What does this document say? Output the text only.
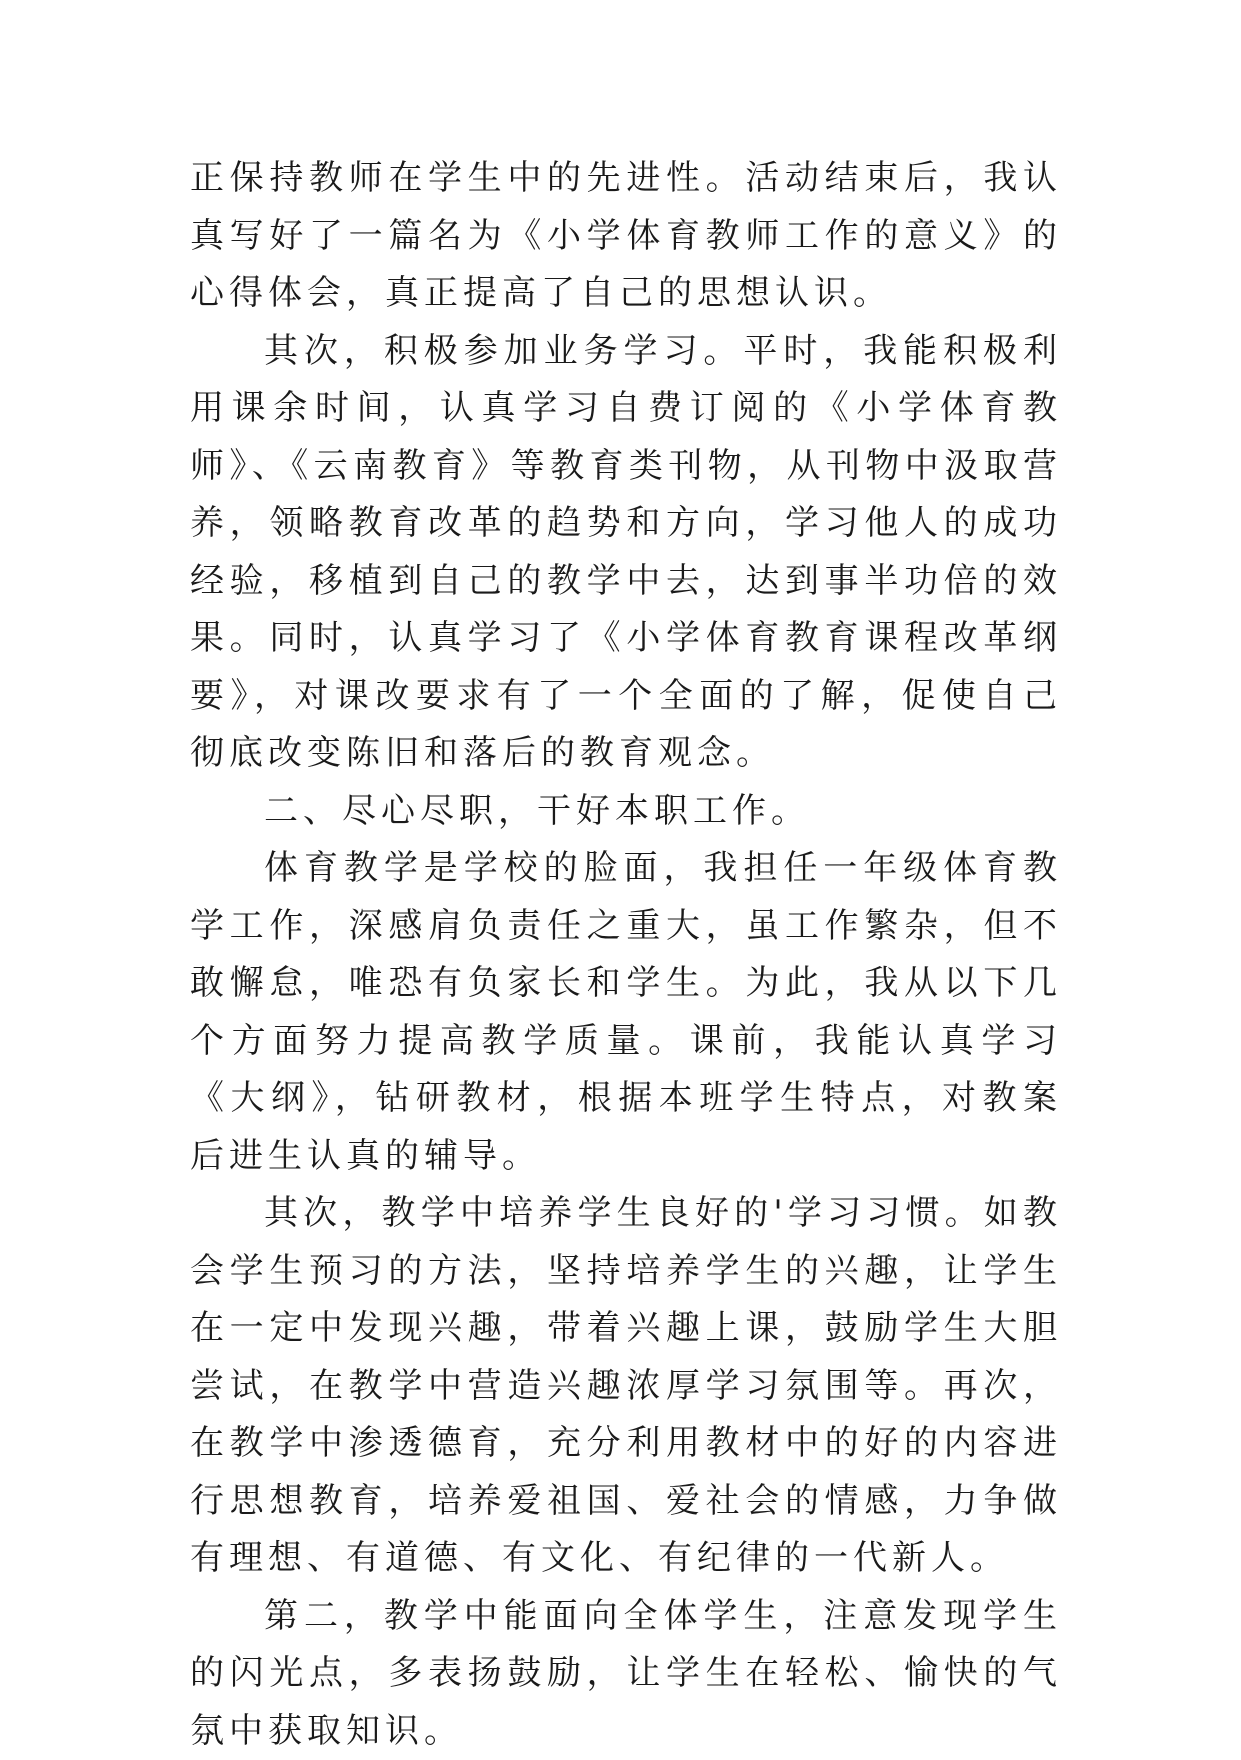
正保持教师在学生中的先进性。活动结束后，我认真写好了一篇名为《小学体育教师工作的意义》的心得体会，真正提高了自己的思想认识。

其次，积极参加业务学习。平时，我能积极利用课余时间，认真学习自费订阅的《小学体育教师》、《云南教育》等教育类刊物，从刊物中汲取营养，领略教育改革的趋势和方向，学习他人的成功经验，移植到自己的教学中去，达到事半功倍的效果。同时，认真学习了《小学体育教育课程改革纲要》，对课改要求有了一个全面的了解，促使自己彻底改变陈旧和落后的教育观念。

二、尽心尽职，干好本职工作。

体育教学是学校的脸面，我担任一年级体育教学工作，深感肩负责任之重大，虽工作繁杂，但不敢懈怠，唯恐有负家长和学生。为此，我从以下几个方面努力提高教学质量。课前，我能认真学习《大纲》，钻研教材，根据本班学生特点，对教案后进生认真的辅导。

其次，教学中培养学生良好的'学习习惯。如教会学生预习的方法，坚持培养学生的兴趣，让学生在一定中发现兴趣，带着兴趣上课，鼓励学生大胆尝试，在教学中营造兴趣浓厚学习氛围等。再次，在教学中渗透德育，充分利用教材中的好的内容进行思想教育，培养爱祖国、爱社会的情感，力争做有理想、有道德、有文化、有纪律的一代新人。

第二，教学中能面向全体学生，注意发现学生的闪光点，多表扬鼓励，让学生在轻松、愉快的气氛中获取知识。
